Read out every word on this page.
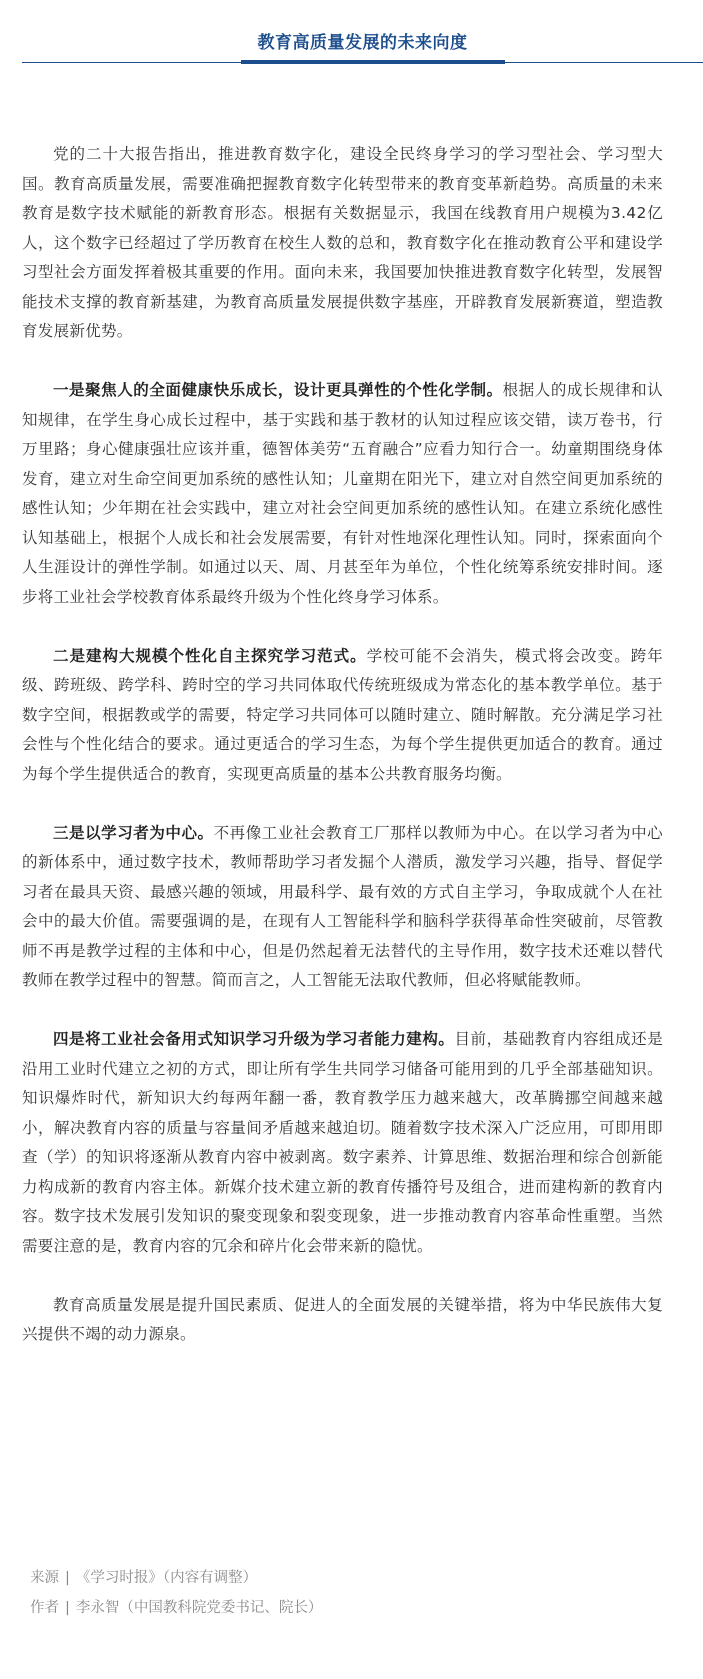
教育高质量发展的未来向度

党的二十大报告指出，推进教育数字化，建设全民终身学习的学习型社会、学习型大国。教育高质量发展，需要准确把握教育数字化转型带来的教育变革新趋势。高质量的未来教育是数字技术赋能的新教育形态。根据有关数据显示，我国在线教育用户规模为3.42亿人，这个数字已经超过了学历教育在校生人数的总和，教育数字化在推动教育公平和建设学习型社会方面发挥着极其重要的作用。面向未来，我国要加快推进教育数字化转型，发展智能技术支撑的教育新基建，为教育高质量发展提供数字基座，开辟教育发展新赛道，塑造教育发展新优势。

一是聚焦人的全面健康快乐成长，设计更具弹性的个性化学制。根据人的成长规律和认知规律，在学生身心成长过程中，基于实践和基于教材的认知过程应该交错，读万卷书，行万里路；身心健康强壮应该并重，德智体美劳“五育融合”应看力知行合一。幼童期围绕身体发育，建立对生命空间更加系统的感性认知；儿童期在阳光下，建立对自然空间更加系统的感性认知；少年期在社会实践中，建立对社会空间更加系统的感性认知。在建立系统化感性认知基础上，根据个人成长和社会发展需要，有针对性地深化理性认知。同时，探索面向个人生涯设计的弹性学制。如通过以天、周、月甚至年为单位，个性化统筹系统安排时间。逐步将工业社会学校教育体系最终升级为个性化终身学习体系。

二是建构大规模个性化自主探究学习范式。学校可能不会消失，模式将会改变。跨年级、跨班级、跨学科、跨时空的学习共同体取代传统班级成为常态化的基本教学单位。基于数字空间，根据教或学的需要，特定学习共同体可以随时建立、随时解散。充分满足学习社会性与个性化结合的要求。通过更适合的学习生态，为每个学生提供更加适合的教育。通过为每个学生提供适合的教育，实现更高质量的基本公共教育服务均衡。

三是以学习者为中心。不再像工业社会教育工厂那样以教师为中心。在以学习者为中心的新体系中，通过数字技术，教师帮助学习者发掘个人潜质，激发学习兴趣，指导、督促学习者在最具天资、最感兴趣的领域，用最科学、最有效的方式自主学习，争取成就个人在社会中的最大价值。需要强调的是，在现有人工智能科学和脑科学获得革命性突破前，尽管教师不再是教学过程的主体和中心，但是仍然起着无法替代的主导作用，数字技术还难以替代教师在教学过程中的智慧。简而言之，人工智能无法取代教师，但必将赋能教师。

四是将工业社会备用式知识学习升级为学习者能力建构。目前，基础教育内容组成还是沿用工业时代建立之初的方式，即让所有学生共同学习储备可能用到的几乎全部基础知识。知识爆炸时代，新知识大约每两年翻一番，教育教学压力越来越大，改革腾挪空间越来越小，解决教育内容的质量与容量间矛盾越来越迫切。随着数字技术深入广泛应用，可即用即查（学）的知识将逐渐从教育内容中被剥离。数字素养、计算思维、数据治理和综合创新能力构成新的教育内容主体。新媒介技术建立新的教育传播符号及组合，进而建构新的教育内容。数字技术发展引发知识的聚变现象和裂变现象，进一步推动教育内容革命性重塑。当然需要注意的是，教育内容的冗余和碎片化会带来新的隐忧。

教育高质量发展是提升国民素质、促进人的全面发展的关键举措，将为中华民族伟大复兴提供不竭的动力源泉。

来源 | 《学习时报》（内容有调整）
作者 | 李永智（中国教科院党委书记、院长）
